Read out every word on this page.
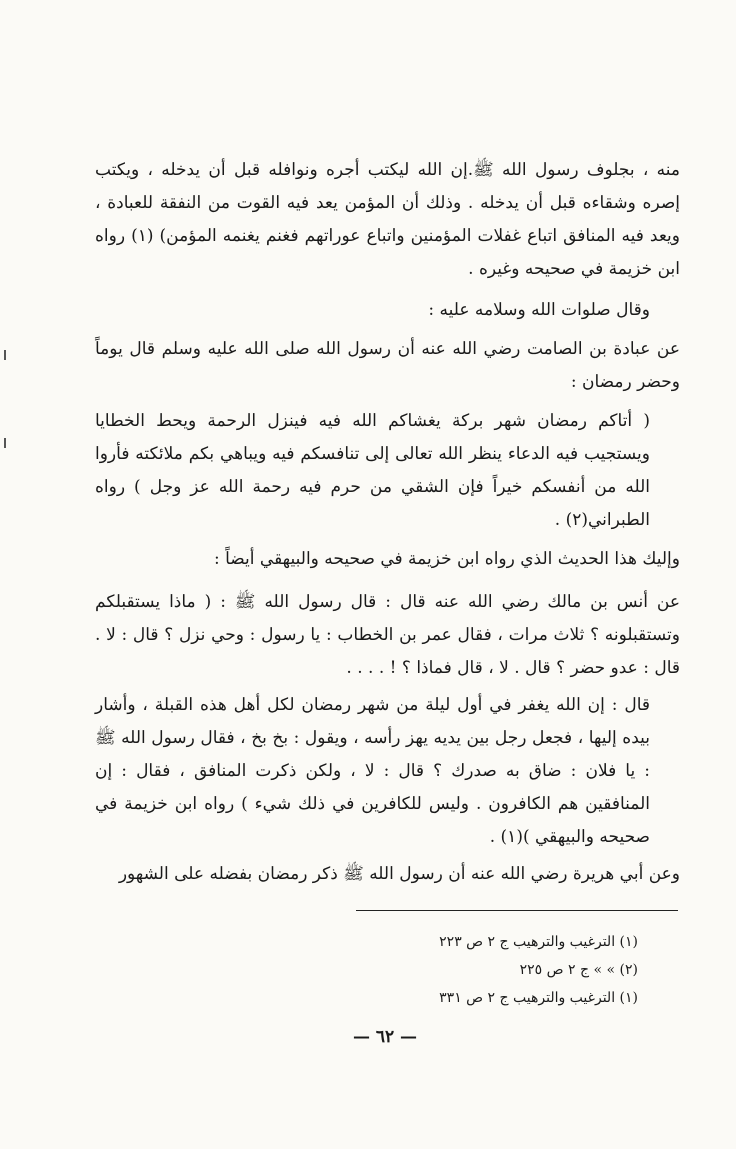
منه ، بجلوف رسول الله ﷺ.إن الله ليكتب أجره ونوافله قبل أن يدخله ، ويكتب إصره وشقاءه قبل أن يدخله . وذلك أن المؤمن يعد فيه القوت من النفقة للعبادة ، ويعد فيه المنافق اتباع غفلات المؤمنين واتباع عوراتهم فغنم يغنمه المؤمن) (١) رواه ابن خزيمة في صحيحه وغيره .

وقال صلوات الله وسلامه عليه :

عن عبادة بن الصامت رضي الله عنه أن رسول الله صلى الله عليه وسلم قال يوماً وحضر رمضان :

( أتاكم رمضان شهر بركة يغشاكم الله فيه فينزل الرحمة ويحط الخطايا ويستجيب فيه الدعاء ينظر الله تعالى إلى تنافسكم فيه ويباهي بكم ملائكته فأروا الله من أنفسكم خيراً فإن الشقي من حرم فيه رحمة الله عز وجل ) رواه الطبراني(٢) .

وإليك هذا الحديث الذي رواه ابن خزيمة في صحيحه والبيهقي أيضاً :

عن أنس بن مالك رضي الله عنه قال : قال رسول الله ﷺ : ( ماذا يستقبلكم وتستقبلونه ؟ ثلاث مرات ، فقال عمر بن الخطاب : يا رسول : وحي نزل ؟ قال : لا . قال : عدو حضر ؟ قال . لا ، قال فماذا ؟ ! . . . .

قال : إن الله يغفر في أول ليلة من شهر رمضان لكل أهل هذه القبلة ، وأشار بيده إليها ، فجعل رجل بين يديه يهز رأسه ، ويقول : بخ بخ ، فقال رسول الله ﷺ : يا فلان : ضاق به صدرك ؟ قال : لا ، ولكن ذكرت المنافق ، فقال : إن المنافقين هم الكافرون . وليس للكافرين في ذلك شيء ) رواه ابن خزيمة في صحيحه والبيهقي )(١) .

وعن أبي هريرة رضي الله عنه أن رسول الله ﷺ ذكر رمضان بفضله على الشهور

(١) الترغيب والترهيب ج ٢ ص ٢٢٣

(٢) » » ج ٢ ص ٢٢٥

(١) الترغيب والترهيب ج ٢ ص ٣٣١

— ٦٢ —
